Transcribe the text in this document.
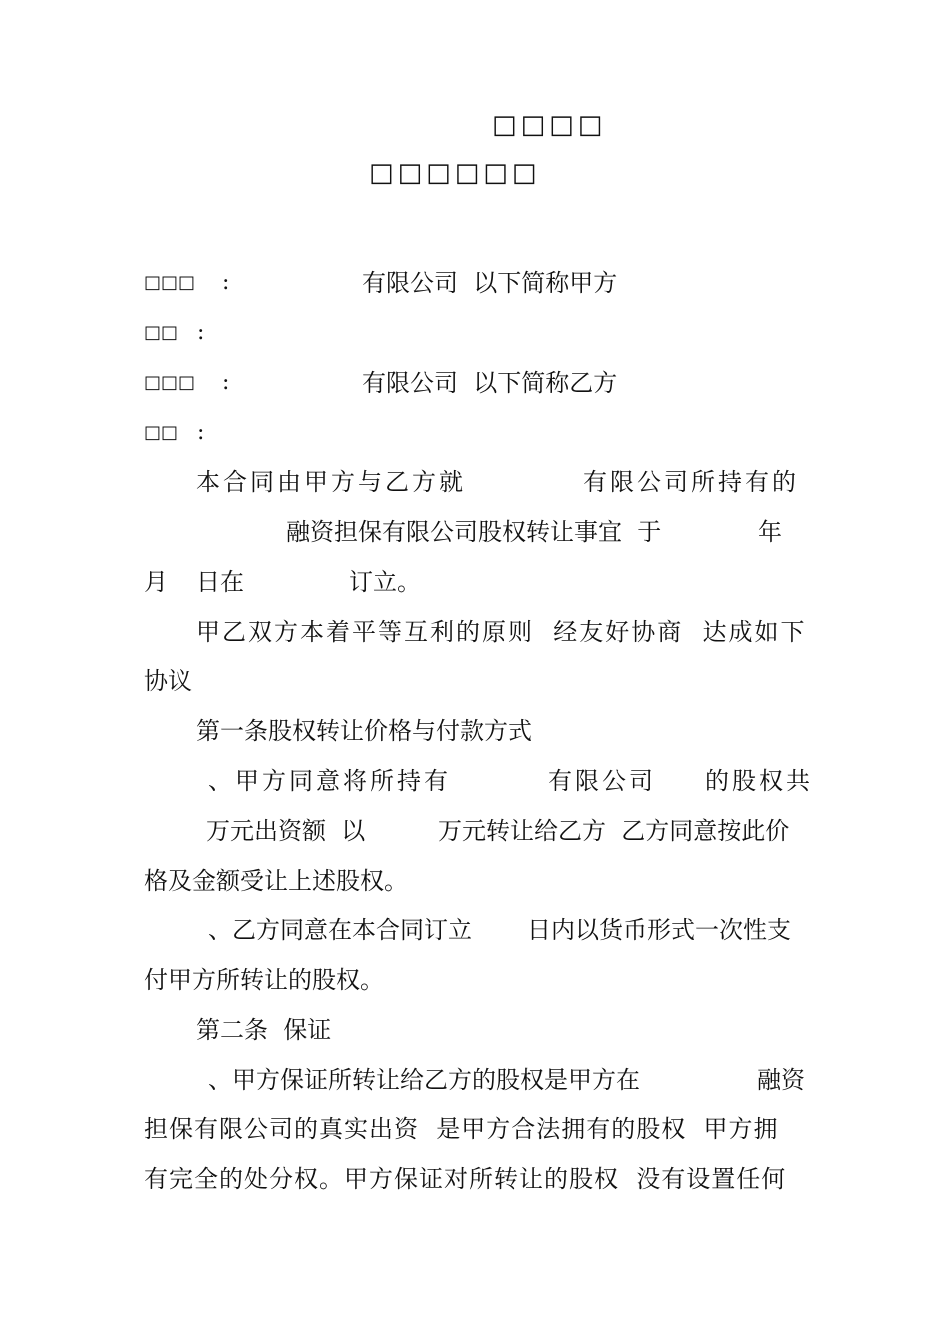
□□□□
□□□□□□
□□□ :	有限公司  以下简称甲方
□□ :
□□□ :	有限公司  以下简称乙方
□□ :
本合同由甲方与乙方就	有限公司所持有的
融资担保有限公司股权转让事宜  于	年
月 日在	订立。
甲乙双方本着平等互利的原则  经友好协商  达成如下
协议
第一条股权转让价格与付款方式
、甲方同意将所持有	有限公司 的股权共
万元出资额  以	万元转让给乙方  乙方同意按此价
格及金额受让上述股权。
、乙方同意在本合同订立 日内以货币形式一次性支
付甲方所转让的股权。
第二条  保证
、甲方保证所转让给乙方的股权是甲方在	融资
担保有限公司的真实出资  是甲方合法拥有的股权  甲方拥
有完全的处分权。甲方保证对所转让的股权  没有设置任何
